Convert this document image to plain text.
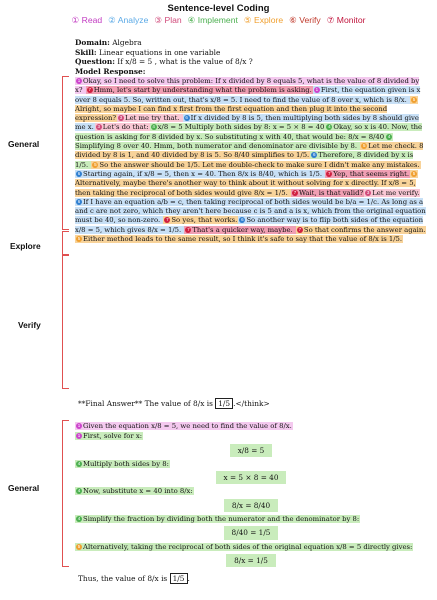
Sentence-level Coding
① Read ② Analyze ③ Plan ④ Implement ⑤ Explore ⑥ Verify ⑦ Monitor
Domain: Algebra
Skill: Linear equations in one variable
Question: If x/8 = 5 , what is the value of 8/x ?
Model Response:
General
Explore
Verify
General
1 Okay, so I need to solve this problem: If x divided by 8 equals 5, what is the value of 8 divided by x? 7 Hmm, let's start by understanding what the problem is asking. 1 First, the equation given is x over 8 equals 5. So, written out, that's x/8 = 5. I need to find the value of 8 over x, which is 8/x. 5Alright, so maybe I can find x first from the first equation and then plug it into the second expression? 3 Let me try that. 6 If x divided by 8 is 5, then multiplying both sides by 8 should give me x. 3 Let's do that: 4 x/8 = 5 Multiply both sides by 8: x = 5 × 8 = 40 4 Okay, so x is 40. Now, the question is asking for 8 divided by x. So substituting x with 40, that would be: 8/x = 8/40 4Simplifying 8 over 40. Hmm, both numerator and denominator are divisible by 8. 5 Let me check. 8 divided by 8 is 1, and 40 divided by 8 is 5. So 8/40 simplifies to 1/5. 6 Therefore, 8 divided by x is 1/5. 5 So the answer should be 1/5. Let me double-check to make sure I didn't make any mistakes.6 Starting again, if x/8 = 5, then x = 40. Then 8/x is 8/40, which is 1/5. 7 Yep, that seems right. 5Alternatively, maybe there's another way to think about it without solving for x directly. If x/8 = 5, then taking the reciprocal of both sides would give 8/x = 1/5. 7 Wait, is that valid? 3 Let me verify. 6 If I have an equation a/b = c, then taking reciprocal of both sides would be b/a = 1/c. As long as a and c are not zero, which they aren't here because c is 5 and a is x, which from the original equation must be 40, so non-zero. 7 So yes, that works. 6 So another way is to flip both sides of the equation x/8 = 5, which gives 8/x = 1/5. 7 That's a quicker way, maybe. 7 So that confirms the answer again.5 Either method leads to the same result, so I think it's safe to say that the value of 8/x is 1/5.
**Final Answer** The value of 8/x is 1/5 .</think>
1 Given the equation x/8 = 5, we need to find the value of 8/x.
1 First, solve for x:
x/8 = 5
4 Multiply both sides by 8:
x = 5 × 8 = 40
4 Now, substitute x = 40 into 8/x:
8/x = 8/40
4 Simplify the fraction by dividing both the numerator and the denominator by 8:
8/40 = 1/5
5 Alternatively, taking the reciprocal of both sides of the original equation x/8 = 5 directly gives:
8/x = 1/5
Thus, the value of 8/x is 1/5 .
